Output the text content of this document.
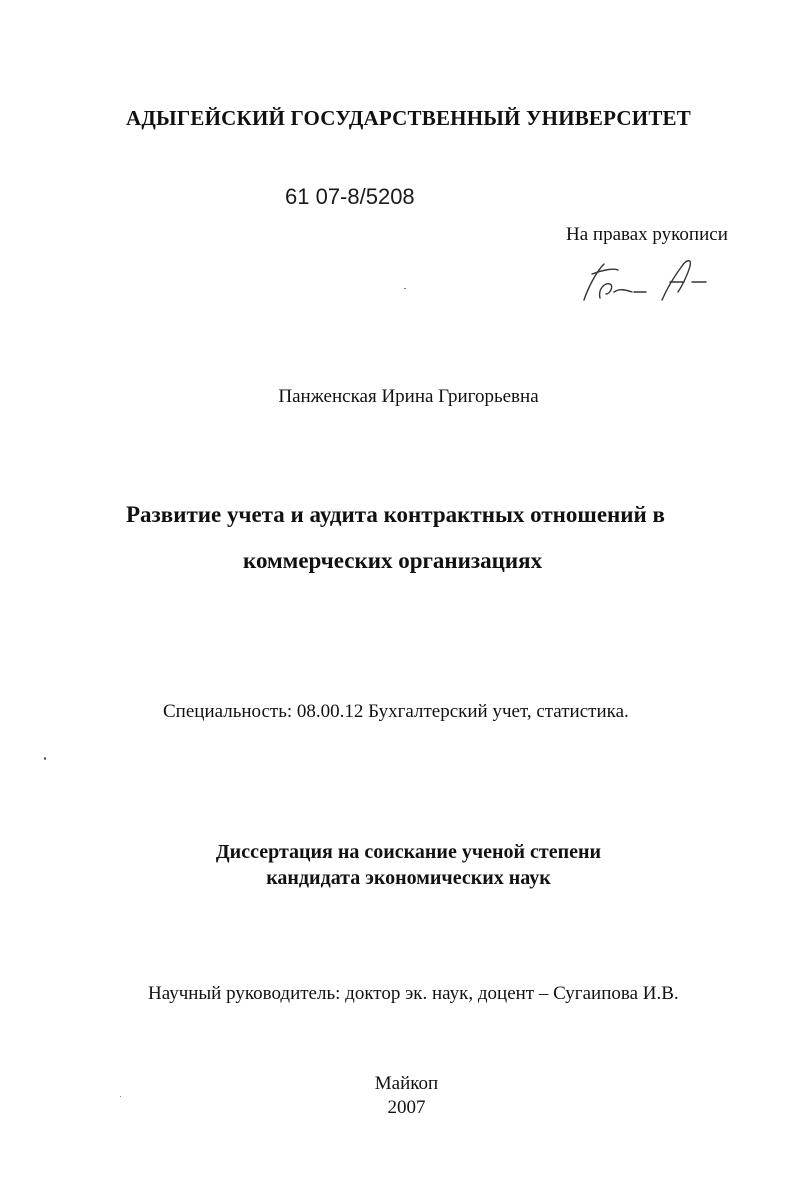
АДЫГЕЙСКИЙ ГОСУДАРСТВЕННЫЙ УНИВЕРСИТЕТ
61 07-8/5208
На правах рукописи
Панженская Ирина Григорьевна
Развитие учета и аудита контрактных отношений в
коммерческих организациях
Специальность: 08.00.12 Бухгалтерский учет, статистика.
Диссертация на соискание ученой степени
кандидата экономических наук
Научный руководитель: доктор эк. наук, доцент – Сугаипова И.В.
Майкоп
2007
